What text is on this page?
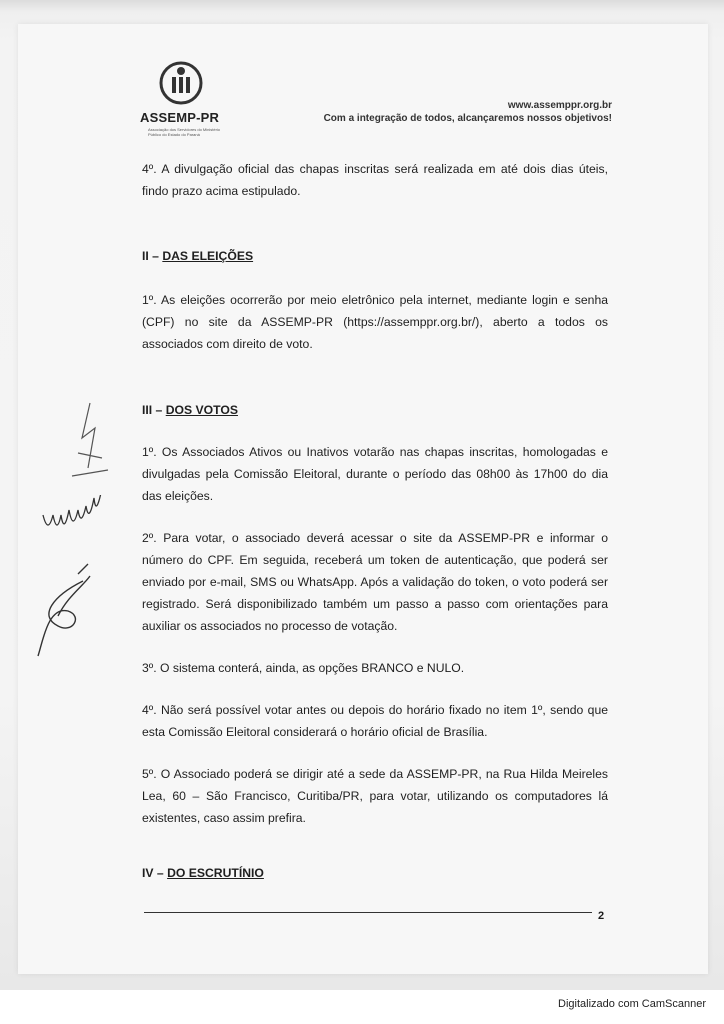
ASSEMP-PR
Associação dos Servidores do Ministério Público do Estado do Paraná
www.assemppr.org.br
Com a integração de todos, alcançaremos nossos objetivos!

4º. A divulgação oficial das chapas inscritas será realizada em até dois dias úteis, findo prazo acima estipulado.

II – DAS ELEIÇÕES

1º. As eleições ocorrerão por meio eletrônico pela internet, mediante login e senha (CPF) no site da ASSEMP-PR (https://assemppr.org.br/), aberto a todos os associados com direito de voto.

III – DOS VOTOS

1º. Os Associados Ativos ou Inativos votarão nas chapas inscritas, homologadas e divulgadas pela Comissão Eleitoral, durante o período das 08h00 às 17h00 do dia das eleições.

2º. Para votar, o associado deverá acessar o site da ASSEMP-PR e informar o número do CPF. Em seguida, receberá um token de autenticação, que poderá ser enviado por e-mail, SMS ou WhatsApp. Após a validação do token, o voto poderá ser registrado. Será disponibilizado também um passo a passo com orientações para auxiliar os associados no processo de votação.

3º. O sistema conterá, ainda, as opções BRANCO e NULO.

4º. Não será possível votar antes ou depois do horário fixado no item 1º, sendo que esta Comissão Eleitoral considerará o horário oficial de Brasília.

5º. O Associado poderá se dirigir até a sede da ASSEMP-PR, na Rua Hilda Meireles Lea, 60 – São Francisco, Curitiba/PR, para votar, utilizando os computadores lá existentes, caso assim prefira.

IV – DO ESCRUTÍNIO

2
Digitalizado com CamScanner
